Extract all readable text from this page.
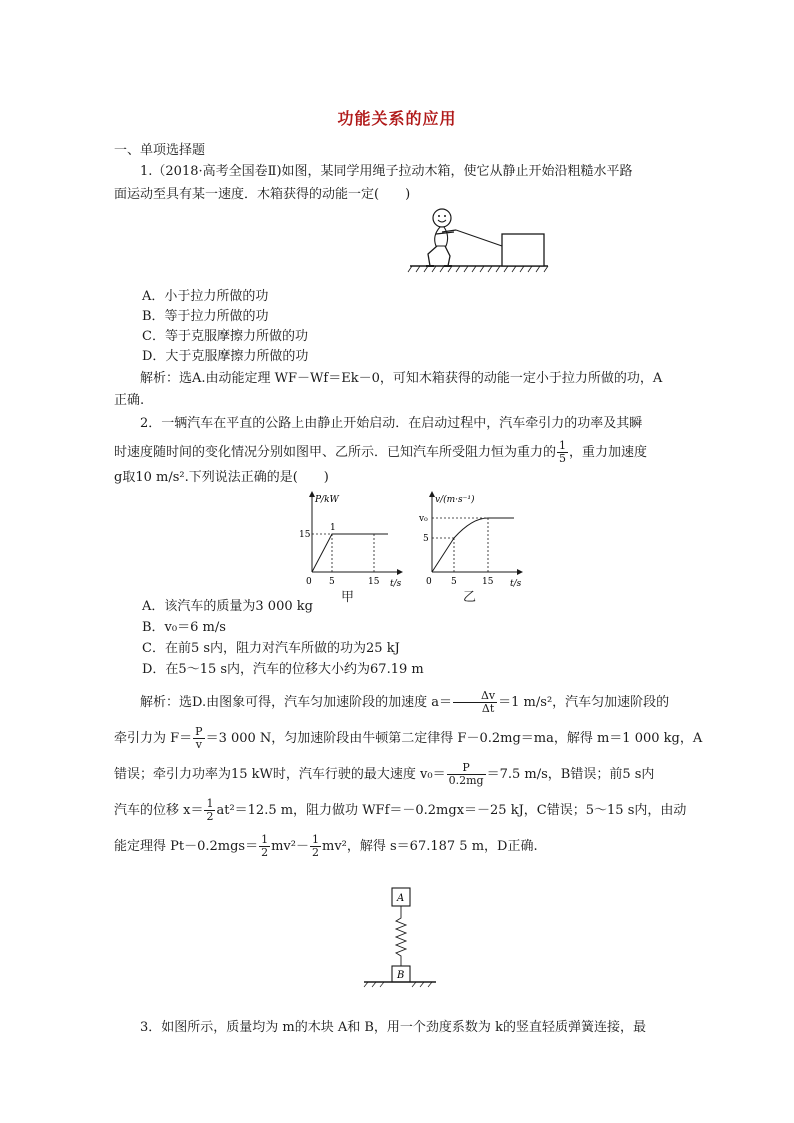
功能关系的应用
一、单项选择题
1.（2018·高考全国卷Ⅱ)如图，某同学用绳子拉动木箱，使它从静止开始沿粗糙水平路
面运动至具有某一速度．木箱获得的动能一定(　　)
A．小于拉力所做的功
B．等于拉力所做的功
C．等于克服摩擦力所做的功
D．大于克服摩擦力所做的功
解析：选A.由动能定理 WF－Wf＝Ek－0，可知木箱获得的动能一定小于拉力所做的功，A
正确.
2．一辆汽车在平直的公路上由静止开始启动．在启动过程中，汽车牵引力的功率及其瞬
时速度随时间的变化情况分别如图甲、乙所示．已知汽车所受阻力恒为重力的 $\frac{1}{5}$ ，重力加速度
g取10 m/s².下列说法正确的是(　　)
P/kW
t/s
15
1
0 5	15
甲
v/(m·s⁻¹)
t/s
v₀
5
0 5	15
乙
A．该汽车的质量为3 000 kg
B．v₀＝6 m/s
C．在前5 s内，阻力对汽车所做的功为25 kJ
D．在5～15 s内，汽车的位移大小约为67.19 m
解析：选D.由图象可得，汽车匀加速阶段的加速度 $a= \frac{\Delta v}{\Delta t} =1$ m/s²，汽车匀加速阶段的
牵引力为 $F= \frac{P}{v} =3$ 000 N，匀加速阶段由牛顿第二定律得 F－0.2mg＝ma，解得 m＝1 000 kg，A
错误；牵引力功率为15 kW时，汽车行驶的最大速度 $v_0= \frac{P}{0.2mg} =7.5$ m/s，B错误；前5 s内
汽车的位移 $x= \frac{1}{2} at^2=12.5$ m，阻力做功 WFf＝－0.2mgx＝－25 kJ，C错误；5～15 s内，由动
能定理得 $Pt-0.2mgs= \frac{1}{2} mv^2- \frac{1}{2} mv^2$，解得 s＝67.187 5 m，D正确.
A
B
3．如图所示，质量均为 m的木块 A和 B，用一个劲度系数为 k的竖直轻质弹簧连接，最
